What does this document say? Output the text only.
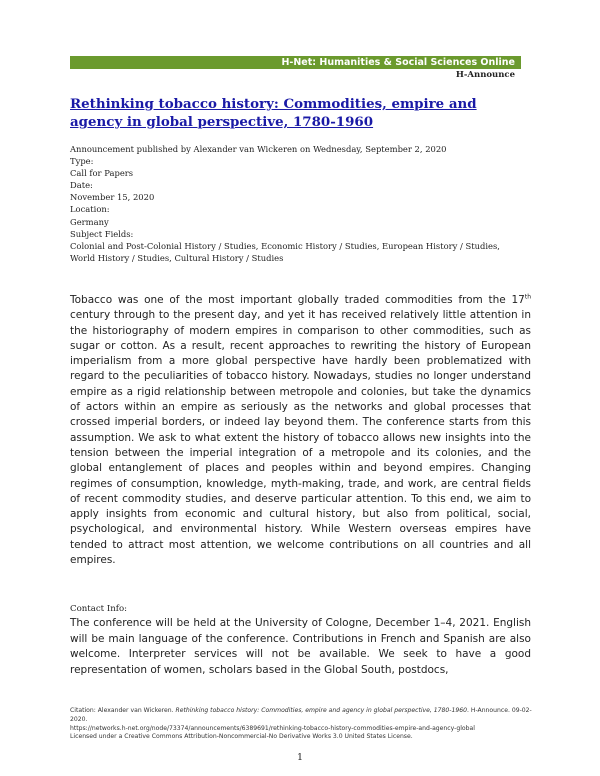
H-Net: Humanities & Social Sciences Online
H-Announce
Rethinking tobacco history: Commodities, empire and agency in global perspective, 1780-1960
Announcement published by Alexander van Wickeren on Wednesday, September 2, 2020
Type:
Call for Papers
Date:
November 15, 2020
Location:
Germany
Subject Fields:
Colonial and Post-Colonial History / Studies, Economic History / Studies, European History / Studies,
World History / Studies, Cultural History / Studies

Tobacco was one of the most important globally traded commodities from the 17th century through to the present day, and yet it has received relatively little attention in the historiography of modern empires in comparison to other commodities, such as sugar or cotton. As a result, recent approaches to rewriting the history of European imperialism from a more global perspective have hardly been problematized with regard to the peculiarities of tobacco history. Nowadays, studies no longer understand empire as a rigid relationship between metropole and colonies, but take the dynamics of actors within an empire as seriously as the networks and global processes that crossed imperial borders, or indeed lay beyond them. The conference starts from this assumption. We ask to what extent the history of tobacco allows new insights into the tension between the imperial integration of a metropole and its colonies, and the global entanglement of places and peoples within and beyond empires. Changing regimes of consumption, knowledge, myth-making, trade, and work, are central fields of recent commodity studies, and deserve particular attention. To this end, we aim to apply insights from economic and cultural history, but also from political, social, psychological, and environmental history. While Western overseas empires have tended to attract most attention, we welcome contributions on all countries and all empires.

Contact Info:

The conference will be held at the University of Cologne, December 1–4, 2021. English will be main language of the conference. Contributions in French and Spanish are also welcome. Interpreter services will not be available. We seek to have a good representation of women, scholars based in the Global South, postdocs,

Citation: Alexander van Wickeren. Rethinking tobacco history: Commodities, empire and agency in global perspective, 1780-1960. H-Announce. 09-02-2020.
https://networks.h-net.org/node/73374/announcements/6389691/rethinking-tobacco-history-commodities-empire-and-agency-global
Licensed under a Creative Commons Attribution-Noncommercial-No Derivative Works 3.0 United States License.
1
